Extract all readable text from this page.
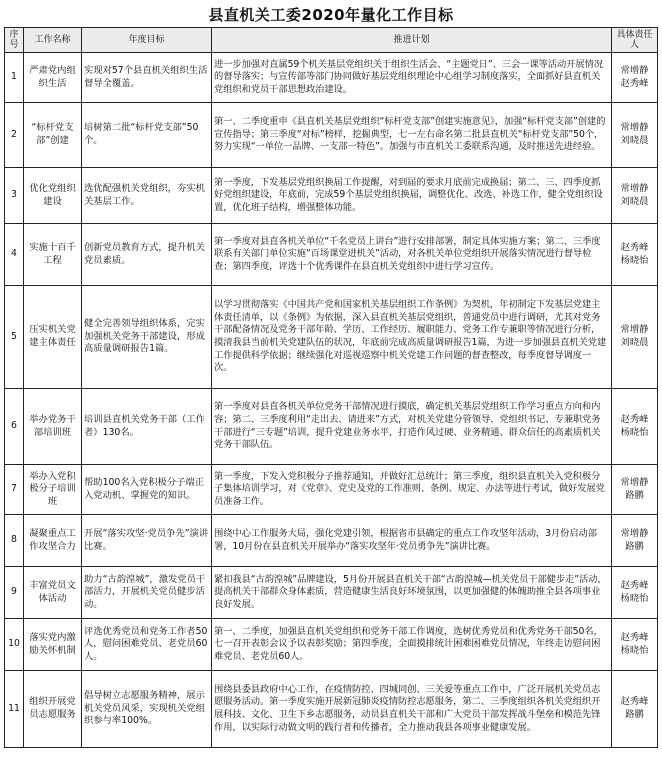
县直机关工委2020年量化工作目标
序号	工作名称	年度目标	推进计划	具体责任人
1	严肃党内组织生活	实现对57个县直机关组织生活督导全覆盖。	进一步加强对直属59个机关基层党组织关于组织生活会、“主题党日”、三会一课等活动开展情况的督导落实；与宣传部等部门协同做好基层党组织理论中心组学习制度落实，全面抓好县直机关党组织和党员干部思想政治建设。	常增静
赵秀峰

2	“标杆党支部”创建	培树第二批“标杆党支部”50个。	第一、二季度重申《县直机关基层党组织“标杆党支部”创建实施意见》，加强“标杆党支部”创建的宣传指导；第三季度“对标”榜样，挖掘典型，七一左右命名第二批县直机关“标杆党支部”50个，努力实现“一单位一品牌、一支部一特色”。加强与市直机关工委联系沟通，及时推送先进经验。	常增静
刘晓晨

3	优化党组织建设	选优配强机关党组织，夯实机关基层工作。	第一季度，下发基层党组织换届工作提醒，对到届的要求月底前完成换届；第二、三、四季度抓好党组织建设，年底前，完成59个基层党组织换届，调整优化、改选、补选工作，健全党组织设置，优化班子结构，增强整体功能。	常增静
刘晓晨

4	实施十百千工程	创新党员教育方式，提升机关党员素质。	第一季度对县直各机关单位“千名党员上讲台”进行安排部署，制定具体实施方案；第二、三季度联系有关部门单位实施“百场课堂进机关”活动，对各机关单位党组织开展落实情况进行督导检查；第四季度，评选十个优秀课件在县直机关党组织中进行学习宣传。	赵秀峰
杨晓怡

5	压实机关党建主体责任	健全完善领导组织体系，完实加强机关党务干部建设，形成高质量调研报告1篇。	以学习贯彻落实《中国共产党和国家机关基层组织工作条例》为契机，年初制定下发基层党建主体责任清单，以《条例》为依据，深入县直机关基层党组织，普通党员中进行调研，尤其对党务干部配备情况及党务干部年龄、学历、工作经历、履职能力、党务工作专兼职等情况进行分析，摸清我县当前机关党建队伍的状况，年底前完成高质量调研报告1篇，为进一步加强县直机关党建工作提供科学依据；继续强化对巡视巡察中机关党建工作问题的督查整改，每季度督导调度一次。	常增静
刘晓晨

6	举办党务干部培训班	培训县直机关党务干部（工作者）130名。	第一季度对县直各机关单位党务干部情况进行摸底，确定机关基层党组织工作学习重点方向和内容；第二、三季度利用“走出去、请进来”方式，对机关党建分管领导、党组织书记、专兼职党务干部进行“三专题”培训，提升党建业务水平，打造作风过硬、业务精通、群众信任的高素质机关党务干部队伍。	赵秀峰
杨晓怡

7	举办入党积极分子培训班	帮助100名入党积极分子端正入党动机、掌握党的知识。	第一季度，下发入党积极分子推荐通知，并做好汇总统计；第三季度，组织县直机关入党积极分子集体培训学习，对《党章》、党史及党的工作准则、条例、规定、办法等进行考试，做好发展党员准备工作。	常增静
路鹏

8	凝聚重点工作攻坚合力	开展“落实攻坚·党员争先”演讲比赛。	围绕中心工作服务大局，强化党建引领，根据省市县确定的重点工作攻坚年活动，3月份启动部署，10月份在县直机关开展举办“落实攻坚年·党员勇争先”演讲比赛。	常增静
路鹏

9	丰富党员文体活动	助力“古韵湟城”，激发党员干部活力，开展机关党员健步活动。	紧扣我县“古韵湟城”品牌建设，5月份开展县直机关干部“古韵湟城—机关党员干部健步走”活动，提高机关干部群众身体素质，营造健康生活良好环境氛围，以更加强健的体魄助推全县各项事业良好发展。	赵秀峰
杨晓怡

10	落实党内激励关怀机制	评选优秀党员和党务工作者50人，慰问困难党员、老党员60人。	第一、二季度，加强县直机关党组织和党务干部工作调度，选树优秀党员和优秀党务干部50名，七一召开表彰会议予以表彰奖励；第四季度，全面摸排统计困难困难党员情况，年终走访慰问困难党员、老党员60人。	赵秀峰
杨晓怡

11	组织开展党员志愿服务	倡导树立志愿服务精神，展示机关党员风采，实现机关党组织参与率100%。	围绕县委县政府中心工作，在疫情防控、四城同创、三关爱等重点工作中，广泛开展机关党员志愿服务活动。第一季度实施开展新冠肺炎疫情防控志愿服务，第二、三季度组织各机关党组织开展科技、文化、卫生下乡志愿服务，动员县直机关干部和广大党员干部发挥战斗堡垒和模范先锋作用，以实际行动做文明的践行者和传播者，全力推动我县各项事业健康发展。	赵秀峰
路鹏
